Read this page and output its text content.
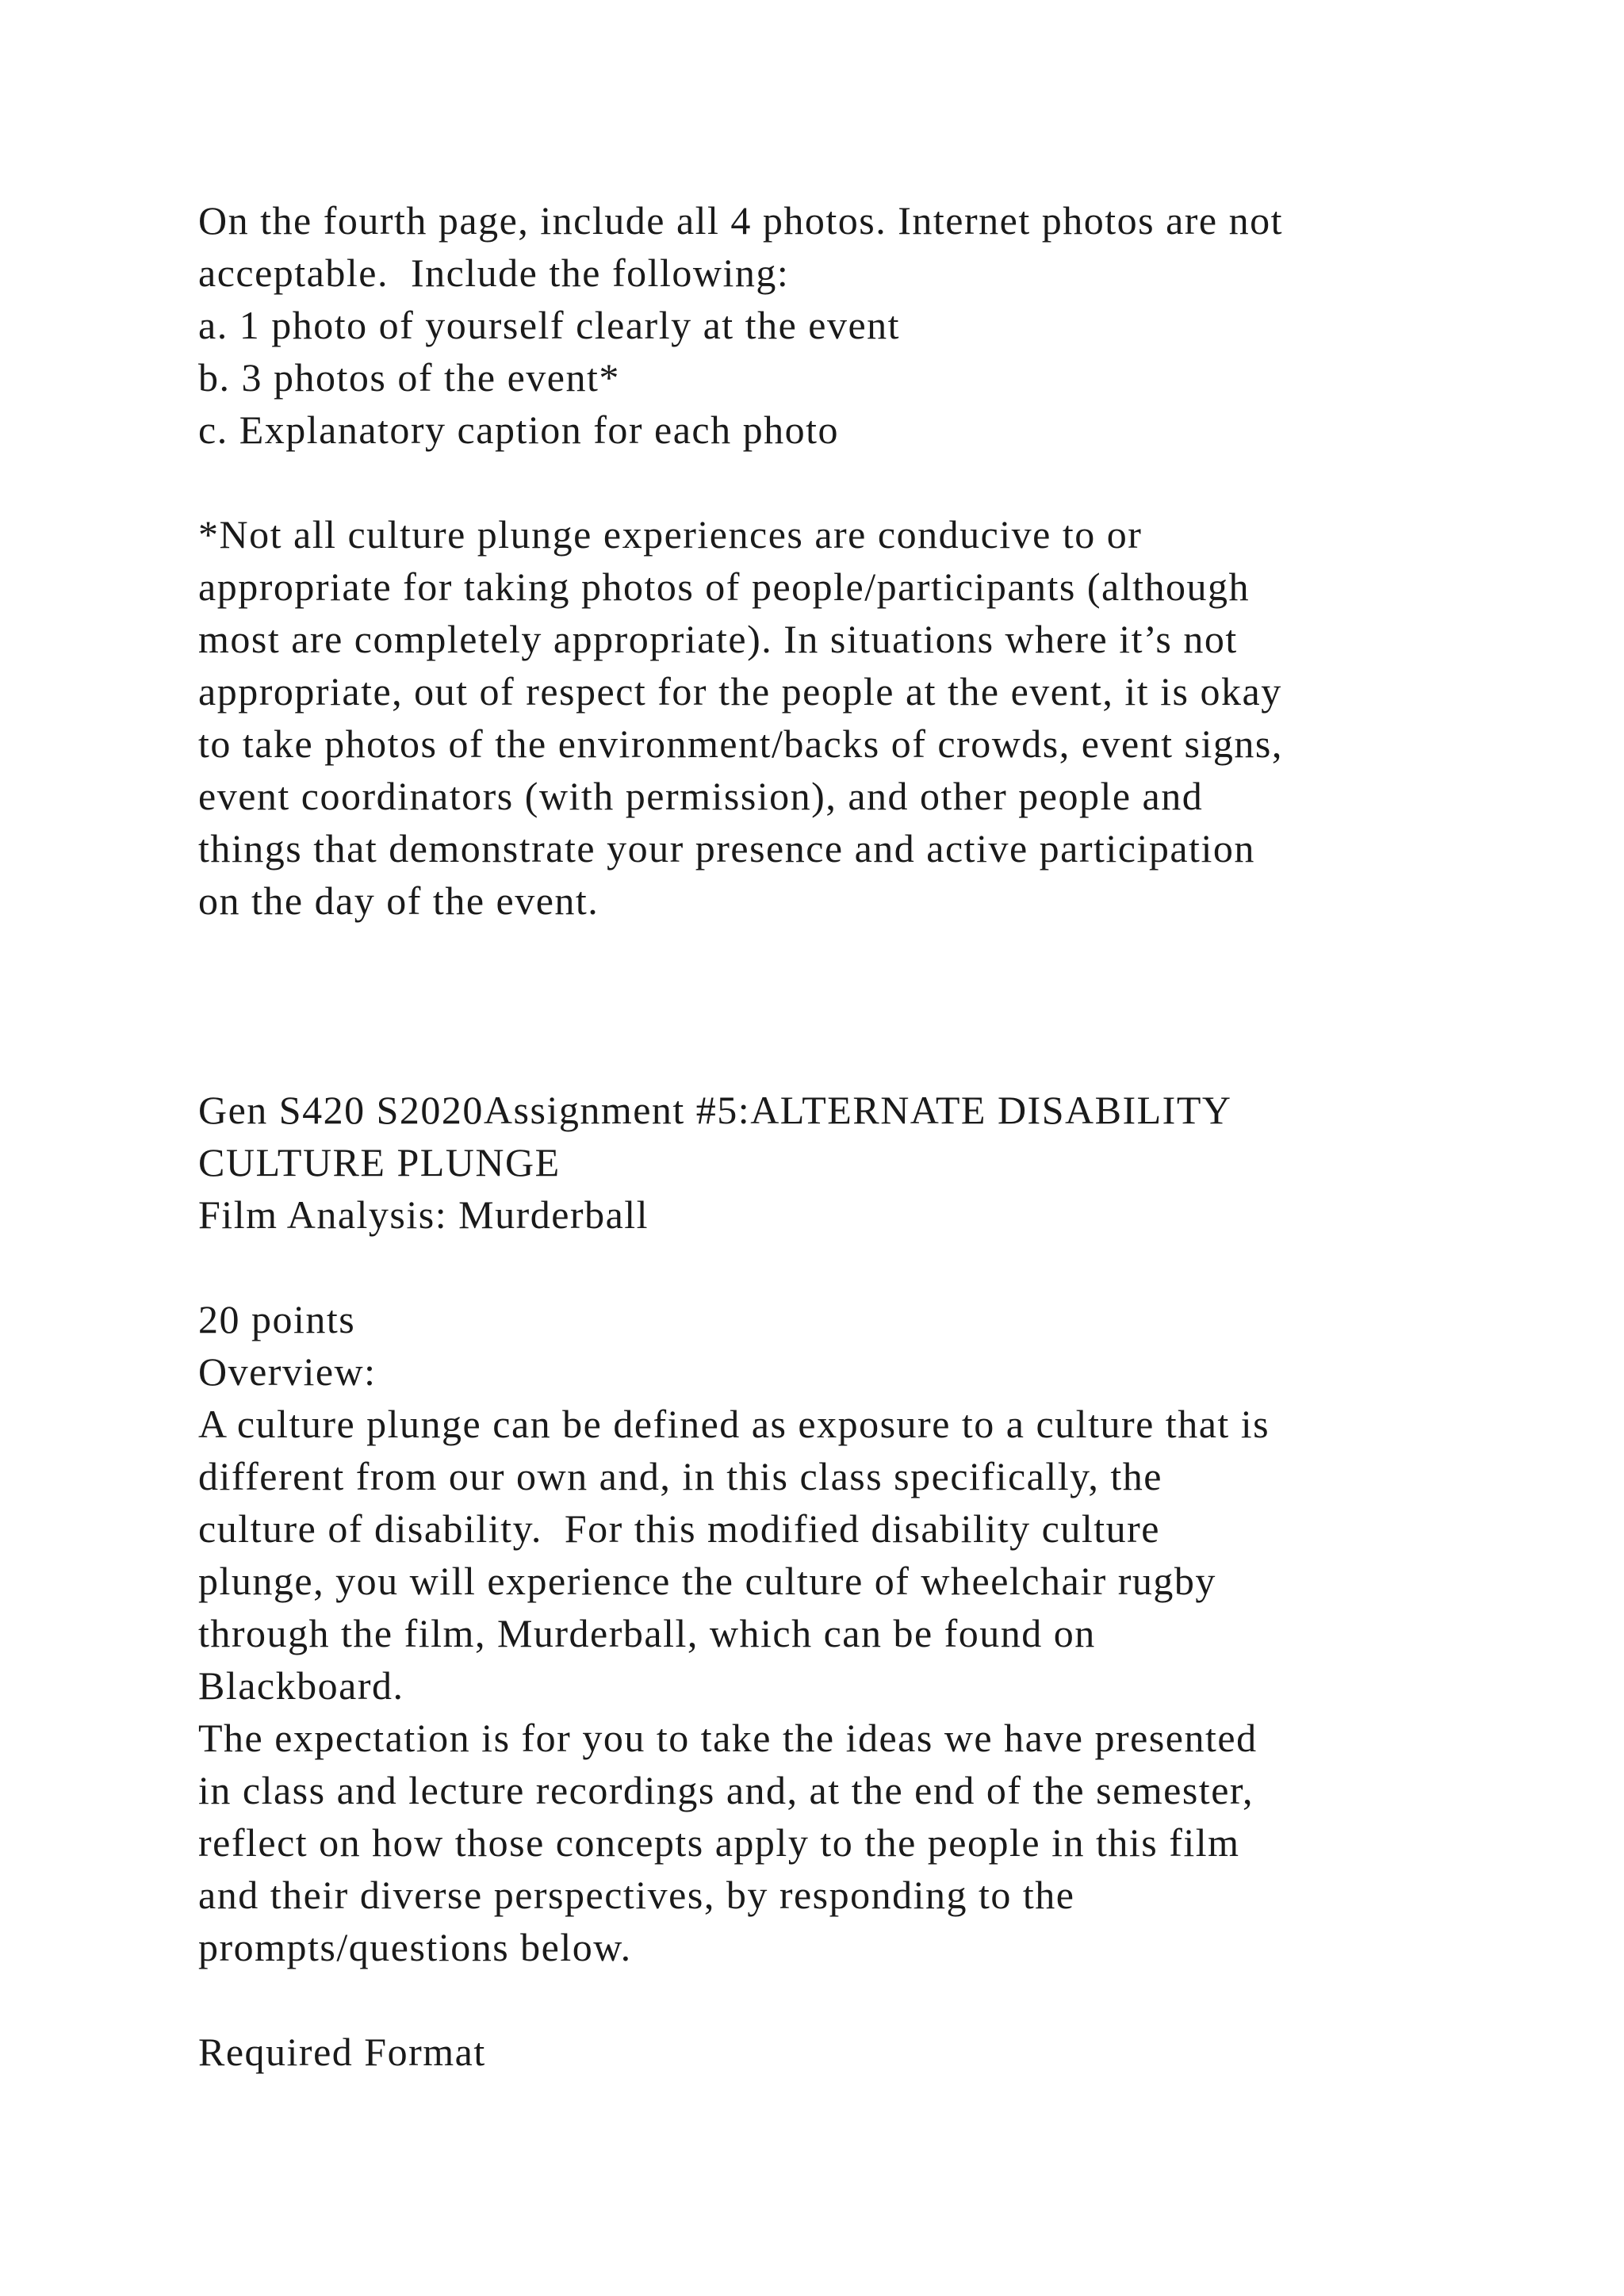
On the fourth page, include all 4 photos. Internet photos are not
acceptable.  Include the following:
a. 1 photo of yourself clearly at the event
b. 3 photos of the event*
c. Explanatory caption for each photo
*Not all culture plunge experiences are conducive to or
appropriate for taking photos of people/participants (although
most are completely appropriate). In situations where it’s not
appropriate, out of respect for the people at the event, it is okay
to take photos of the environment/backs of crowds, event signs,
event coordinators (with permission), and other people and
things that demonstrate your presence and active participation
on the day of the event.
Gen S420 S2020Assignment #5:ALTERNATE DISABILITY
CULTURE PLUNGE
Film Analysis: Murderball
20 points
Overview:
A culture plunge can be defined as exposure to a culture that is
different from our own and, in this class specifically, the
culture of disability.  For this modified disability culture
plunge, you will experience the culture of wheelchair rugby
through the film, Murderball, which can be found on
Blackboard.
The expectation is for you to take the ideas we have presented
in class and lecture recordings and, at the end of the semester,
reflect on how those concepts apply to the people in this film
and their diverse perspectives, by responding to the
prompts/questions below.
Required Format
